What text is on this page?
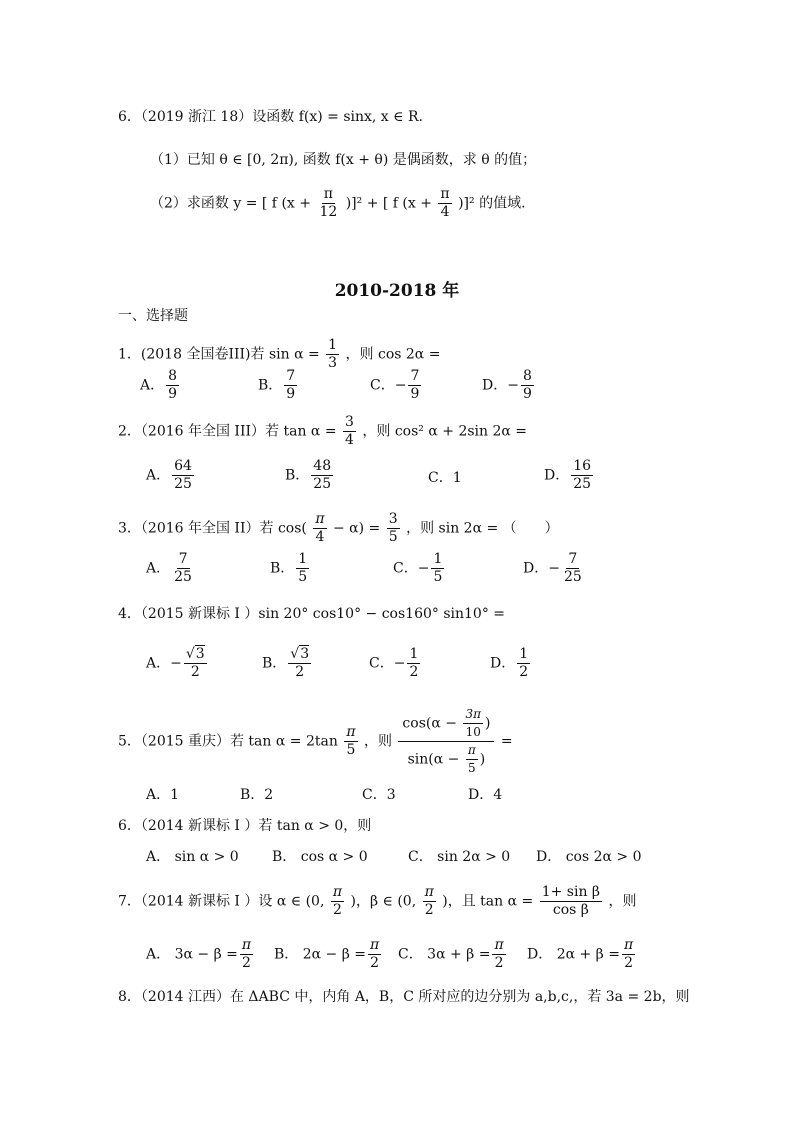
6．（2019 浙江 18）设函数 f(x) = sinx, x ∈ R.
（1）已知 θ ∈ [0, 2π), 函数 f(x + θ) 是偶函数，求 θ 的值；
（2）求函数 y = [ f $(x + \frac{\pi}{12} )]^2$ + [ f $(x + \frac{\pi}{4} )]^2$ 的值域.
2010-2018 年
一、选择题
1．(2018 全国卷III)若 $\sin \alpha = \frac{1}{3}$ ，则 cos 2α =
A． $\frac{8}{9}$	B． $\frac{7}{9}$	C．− $\frac{7}{9}$	D．− $\frac{8}{9}$
2．（2016 年全国 III）若 $\tan \alpha = \frac{3}{4}$ ，则 cos² α + 2sin 2α =
A． $\frac{64}{25}$	B． $\frac{48}{25}$	C．1	D． $\frac{16}{25}$
3．（2016 年全国 II）若 $\cos( \frac{\pi}{4} - \alpha) = \frac{3}{5}$ ，则 sin 2α = （　　）
A． $\frac{7}{25}$	B． $\frac{1}{5}$	C．− $\frac{1}{5}$	D．− $\frac{7}{25}$
4．（2015 新课标 I ）sin 20° cos10° − cos160° sin10° =
A．− $\frac{√3}{2}$	B． $\frac{√3}{2}$	C．− $\frac{1}{2}$	D． $\frac{1}{2}$
5．（2015 重庆）若 $\tan \alpha = 2\tan \frac{\pi}{5}$ ，则 $\frac{\cos(\alpha - \frac{3\pi}{10} )}{\sin(\alpha - \frac{\pi}{5} )}$ =
A．1	B．2	C．3	D．4
6．（2014 新课标 I ）若 tan α > 0，则
A． sin α > 0 B． cos α > 0	C． sin 2α > 0 D． cos 2α > 0
7．（2014 新课标 I ）设 α ∈ (0, $\frac{\pi}{2}$ )，β ∈ (0, $\frac{\pi}{2}$ )，且 $\tan \alpha = \frac{\text{1+ sin β}}{\text{cos β}}$ ，则
A． $3\alpha - \beta = \frac{\pi}{2}$ B． $2\alpha - \beta = \frac{\pi}{2}$ C． $3\alpha + \beta = \frac{\pi}{2}$ D． $2\alpha + \beta = \frac{\pi}{2}$
8．（2014 江西）在 ΔABC 中，内角 A，B，C 所对应的边分别为 a,b,c,，若 3a = 2b，则
